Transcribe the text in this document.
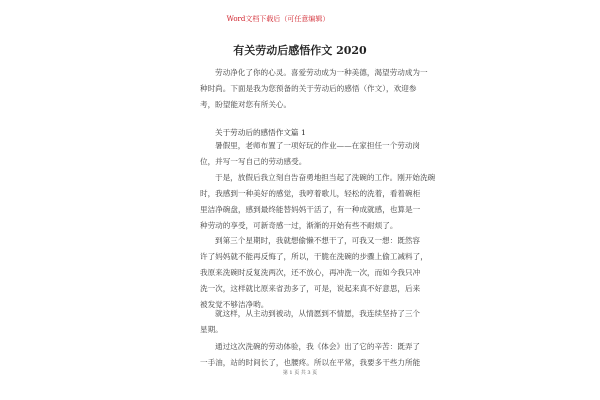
Word文档下载后（可任意编辑）
有关劳动后感悟作文 2020
劳动净化了你的心灵。喜爱劳动成为一种美德，渴望劳动成为一
种时尚。下面是我为您预备的关于劳动后的感悟（作文），欢迎参
考，盼望能对您有所关心。
关于劳动后的感悟作文篇 1
暑假里，老师布置了一项好玩的作业——在家担任一个劳动岗
位，并写一写自己的劳动感受。
于是，放假后我立刻自告奋勇地担当起了洗碗的工作。刚开始洗碗
时，我感到一种美好的感觉，我哼着歌儿，轻松的洗着，看着碗柜
里洁净碗盘，感到最终能替妈妈干活了，有一种成就感，也算是一
种劳动的享受，可新奇感一过，渐渐的开始有些不耐烦了。
到第三个星期时，我就想偷懒不想干了，可我又一想：既然容
许了妈妈就不能再反悔了，所以，干脆在洗碗的步骤上偷工减料了，
我原来洗碗时反复洗两次，还不放心，再冲洗一次，而如今我只冲
洗一次，这样就比原来省劲多了，可是，说起来真不好意思，后来
被发觉不够洁净哟。
就这样，从主动到被动，从情愿到不情愿，我连续坚持了三个
星期。
通过这次洗碗的劳动体验，我《体会》出了它的辛苦：既弄了
一手油，站的时间长了，也腰疼。所以在平常，我要多干些力所能
第 1 页 共 3 页
